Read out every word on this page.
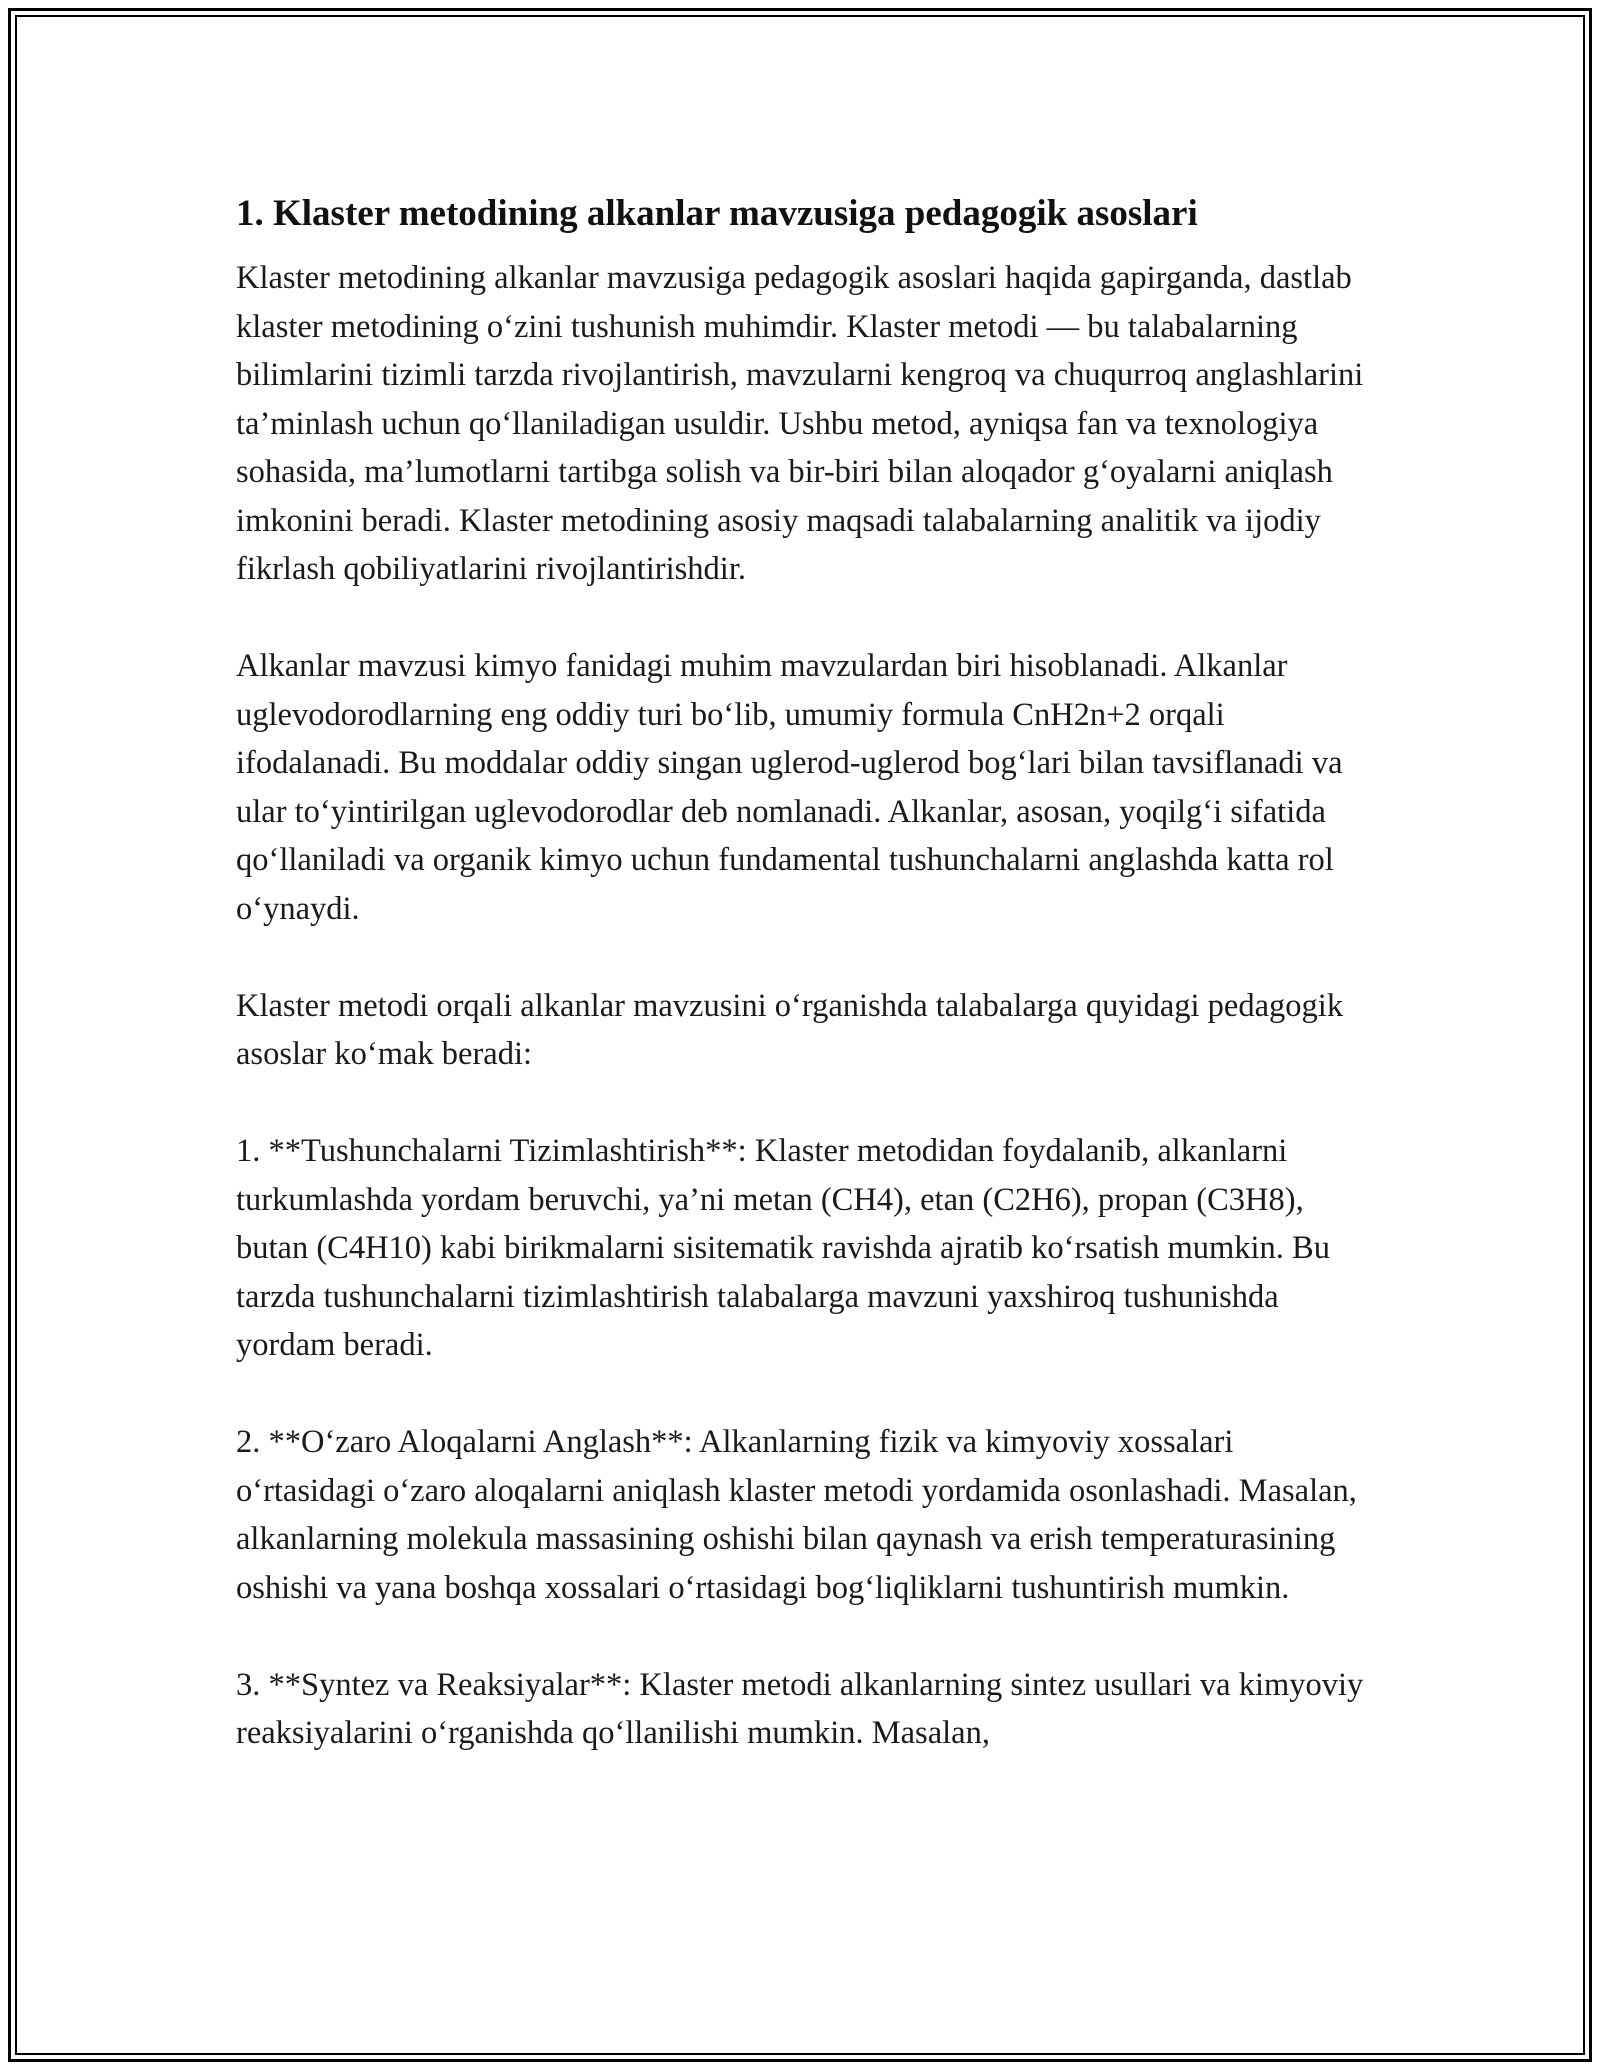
1. Klaster metodining alkanlar mavzusiga pedagogik asoslari

Klaster metodining alkanlar mavzusiga pedagogik asoslari haqida gapirganda, dastlab klaster metodining o‘zini tushunish muhimdir. Klaster metodi — bu talabalarning bilimlarini tizimli tarzda rivojlantirish, mavzularni kengroq va chuqurroq anglashlarini ta’minlash uchun qo‘llaniladigan usuldir. Ushbu metod, ayniqsa fan va texnologiya sohasida, ma’lumotlarni tartibga solish va bir-biri bilan aloqador g‘oyalarni aniqlash imkonini beradi. Klaster metodining asosiy maqsadi talabalarning analitik va ijodiy fikrlash qobiliyatlarini rivojlantirishdir.

Alkanlar mavzusi kimyo fanidagi muhim mavzulardan biri hisoblanadi. Alkanlar uglevodorodlarning eng oddiy turi bo‘lib, umumiy formula CnH2n+2 orqali ifodalanadi. Bu moddalar oddiy singan uglerod-uglerod bog‘lari bilan tavsiflanadi va ular to‘yintirilgan uglevodorodlar deb nomlanadi. Alkanlar, asosan, yoqilg‘i sifatida qo‘llaniladi va organik kimyo uchun fundamental tushunchalarni anglashda katta rol o‘ynaydi.

Klaster metodi orqali alkanlar mavzusini o‘rganishda talabalarga quyidagi pedagogik asoslar ko‘mak beradi:

1. **Tushunchalarni Tizimlashtirish**: Klaster metodidan foydalanib, alkanlarni turkumlashda yordam beruvchi, ya’ni metan (CH4), etan (C2H6), propan (C3H8), butan (C4H10) kabi birikmalarni sisitematik ravishda ajratib ko‘rsatish mumkin. Bu tarzda tushunchalarni tizimlashtirish talabalarga mavzuni yaxshiroq tushunishda yordam beradi.

2. **O‘zaro Aloqalarni Anglash**: Alkanlarning fizik va kimyoviy xossalari o‘rtasidagi o‘zaro aloqalarni aniqlash klaster metodi yordamida osonlashadi. Masalan, alkanlarning molekula massasining oshishi bilan qaynash va erish temperaturasining oshishi va yana boshqa xossalari o‘rtasidagi bog‘liqliklarni tushuntirish mumkin.

3. **Syntez va Reaksiyalar**: Klaster metodi alkanlarning sintez usullari va kimyoviy reaksiyalarini o‘rganishda qo‘llanilishi mumkin. Masalan,
